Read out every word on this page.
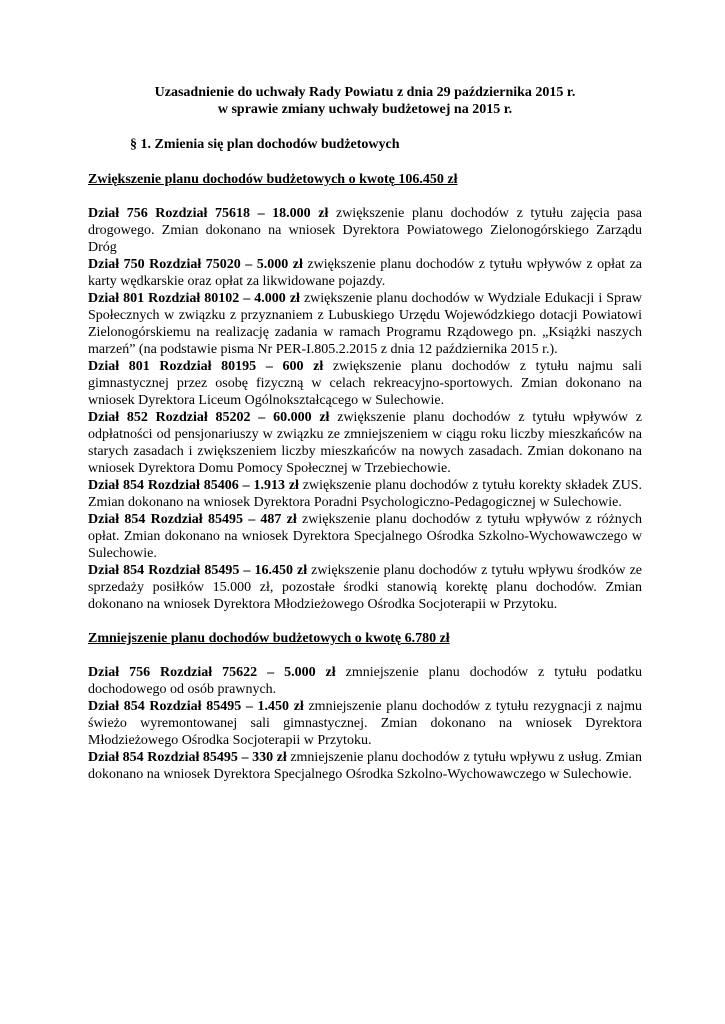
Uzasadnienie do uchwały Rady Powiatu z dnia 29 października 2015 r.

w sprawie zmiany uchwały budżetowej na 2015 r.

§ 1. Zmienia się plan dochodów budżetowych

Zwiększenie planu dochodów budżetowych o kwotę 106.450 zł

Dział 756 Rozdział 75618 – 18.000 zł zwiększenie planu dochodów z tytułu zajęcia pasa drogowego. Zmian dokonano na wniosek Dyrektora Powiatowego Zielonogórskiego Zarządu Dróg

Dział 750 Rozdział 75020 – 5.000 zł zwiększenie planu dochodów z tytułu wpływów z opłat za karty wędkarskie oraz opłat za likwidowane pojazdy.

Dział 801 Rozdział 80102 – 4.000 zł zwiększenie planu dochodów w Wydziale Edukacji i Spraw Społecznych w związku z przyznaniem z Lubuskiego Urzędu Wojewódzkiego dotacji Powiatowi Zielonogórskiemu na realizację zadania w ramach Programu Rządowego pn. „Książki naszych marzeń” (na podstawie pisma Nr PER-I.805.2.2015 z dnia 12 października 2015 r.).

Dział 801 Rozdział 80195 – 600 zł zwiększenie planu dochodów z tytułu najmu sali gimnastycznej przez osobę fizyczną w celach rekreacyjno-sportowych. Zmian dokonano na wniosek Dyrektora Liceum Ogólnokształcącego w Sulechowie.

Dział 852 Rozdział 85202 – 60.000 zł zwiększenie planu dochodów z tytułu wpływów z odpłatności od pensjonariuszy w związku ze zmniejszeniem w ciągu roku liczby mieszkańców na starych zasadach i zwiększeniem liczby mieszkańców na nowych zasadach. Zmian dokonano na wniosek Dyrektora Domu Pomocy Społecznej w Trzebiechowie.

Dział 854 Rozdział 85406 – 1.913 zł zwiększenie planu dochodów z tytułu korekty składek ZUS. Zmian dokonano na wniosek Dyrektora Poradni Psychologiczno-Pedagogicznej w Sulechowie.

Dział 854 Rozdział 85495 – 487 zł zwiększenie planu dochodów z tytułu wpływów z różnych opłat. Zmian dokonano na wniosek Dyrektora Specjalnego Ośrodka Szkolno-Wychowawczego w Sulechowie.

Dział 854 Rozdział 85495 – 16.450 zł zwiększenie planu dochodów z tytułu wpływu środków ze sprzedaży posiłków 15.000 zł, pozostałe środki stanowią korektę planu dochodów. Zmian dokonano na wniosek Dyrektora Młodzieżowego Ośrodka Socjoterapii w Przytoku.

Zmniejszenie planu dochodów budżetowych o kwotę 6.780 zł

Dział 756 Rozdział 75622 – 5.000 zł zmniejszenie planu dochodów z tytułu podatku dochodowego od osób prawnych.

Dział 854 Rozdział 85495 – 1.450 zł zmniejszenie planu dochodów z tytułu rezygnacji z najmu świeżo wyremontowanej sali gimnastycznej. Zmian dokonano na wniosek Dyrektora Młodzieżowego Ośrodka Socjoterapii w Przytoku.

Dział 854 Rozdział 85495 – 330 zł zmniejszenie planu dochodów z tytułu wpływu z usług. Zmian dokonano na wniosek Dyrektora Specjalnego Ośrodka Szkolno-Wychowawczego w Sulechowie.
